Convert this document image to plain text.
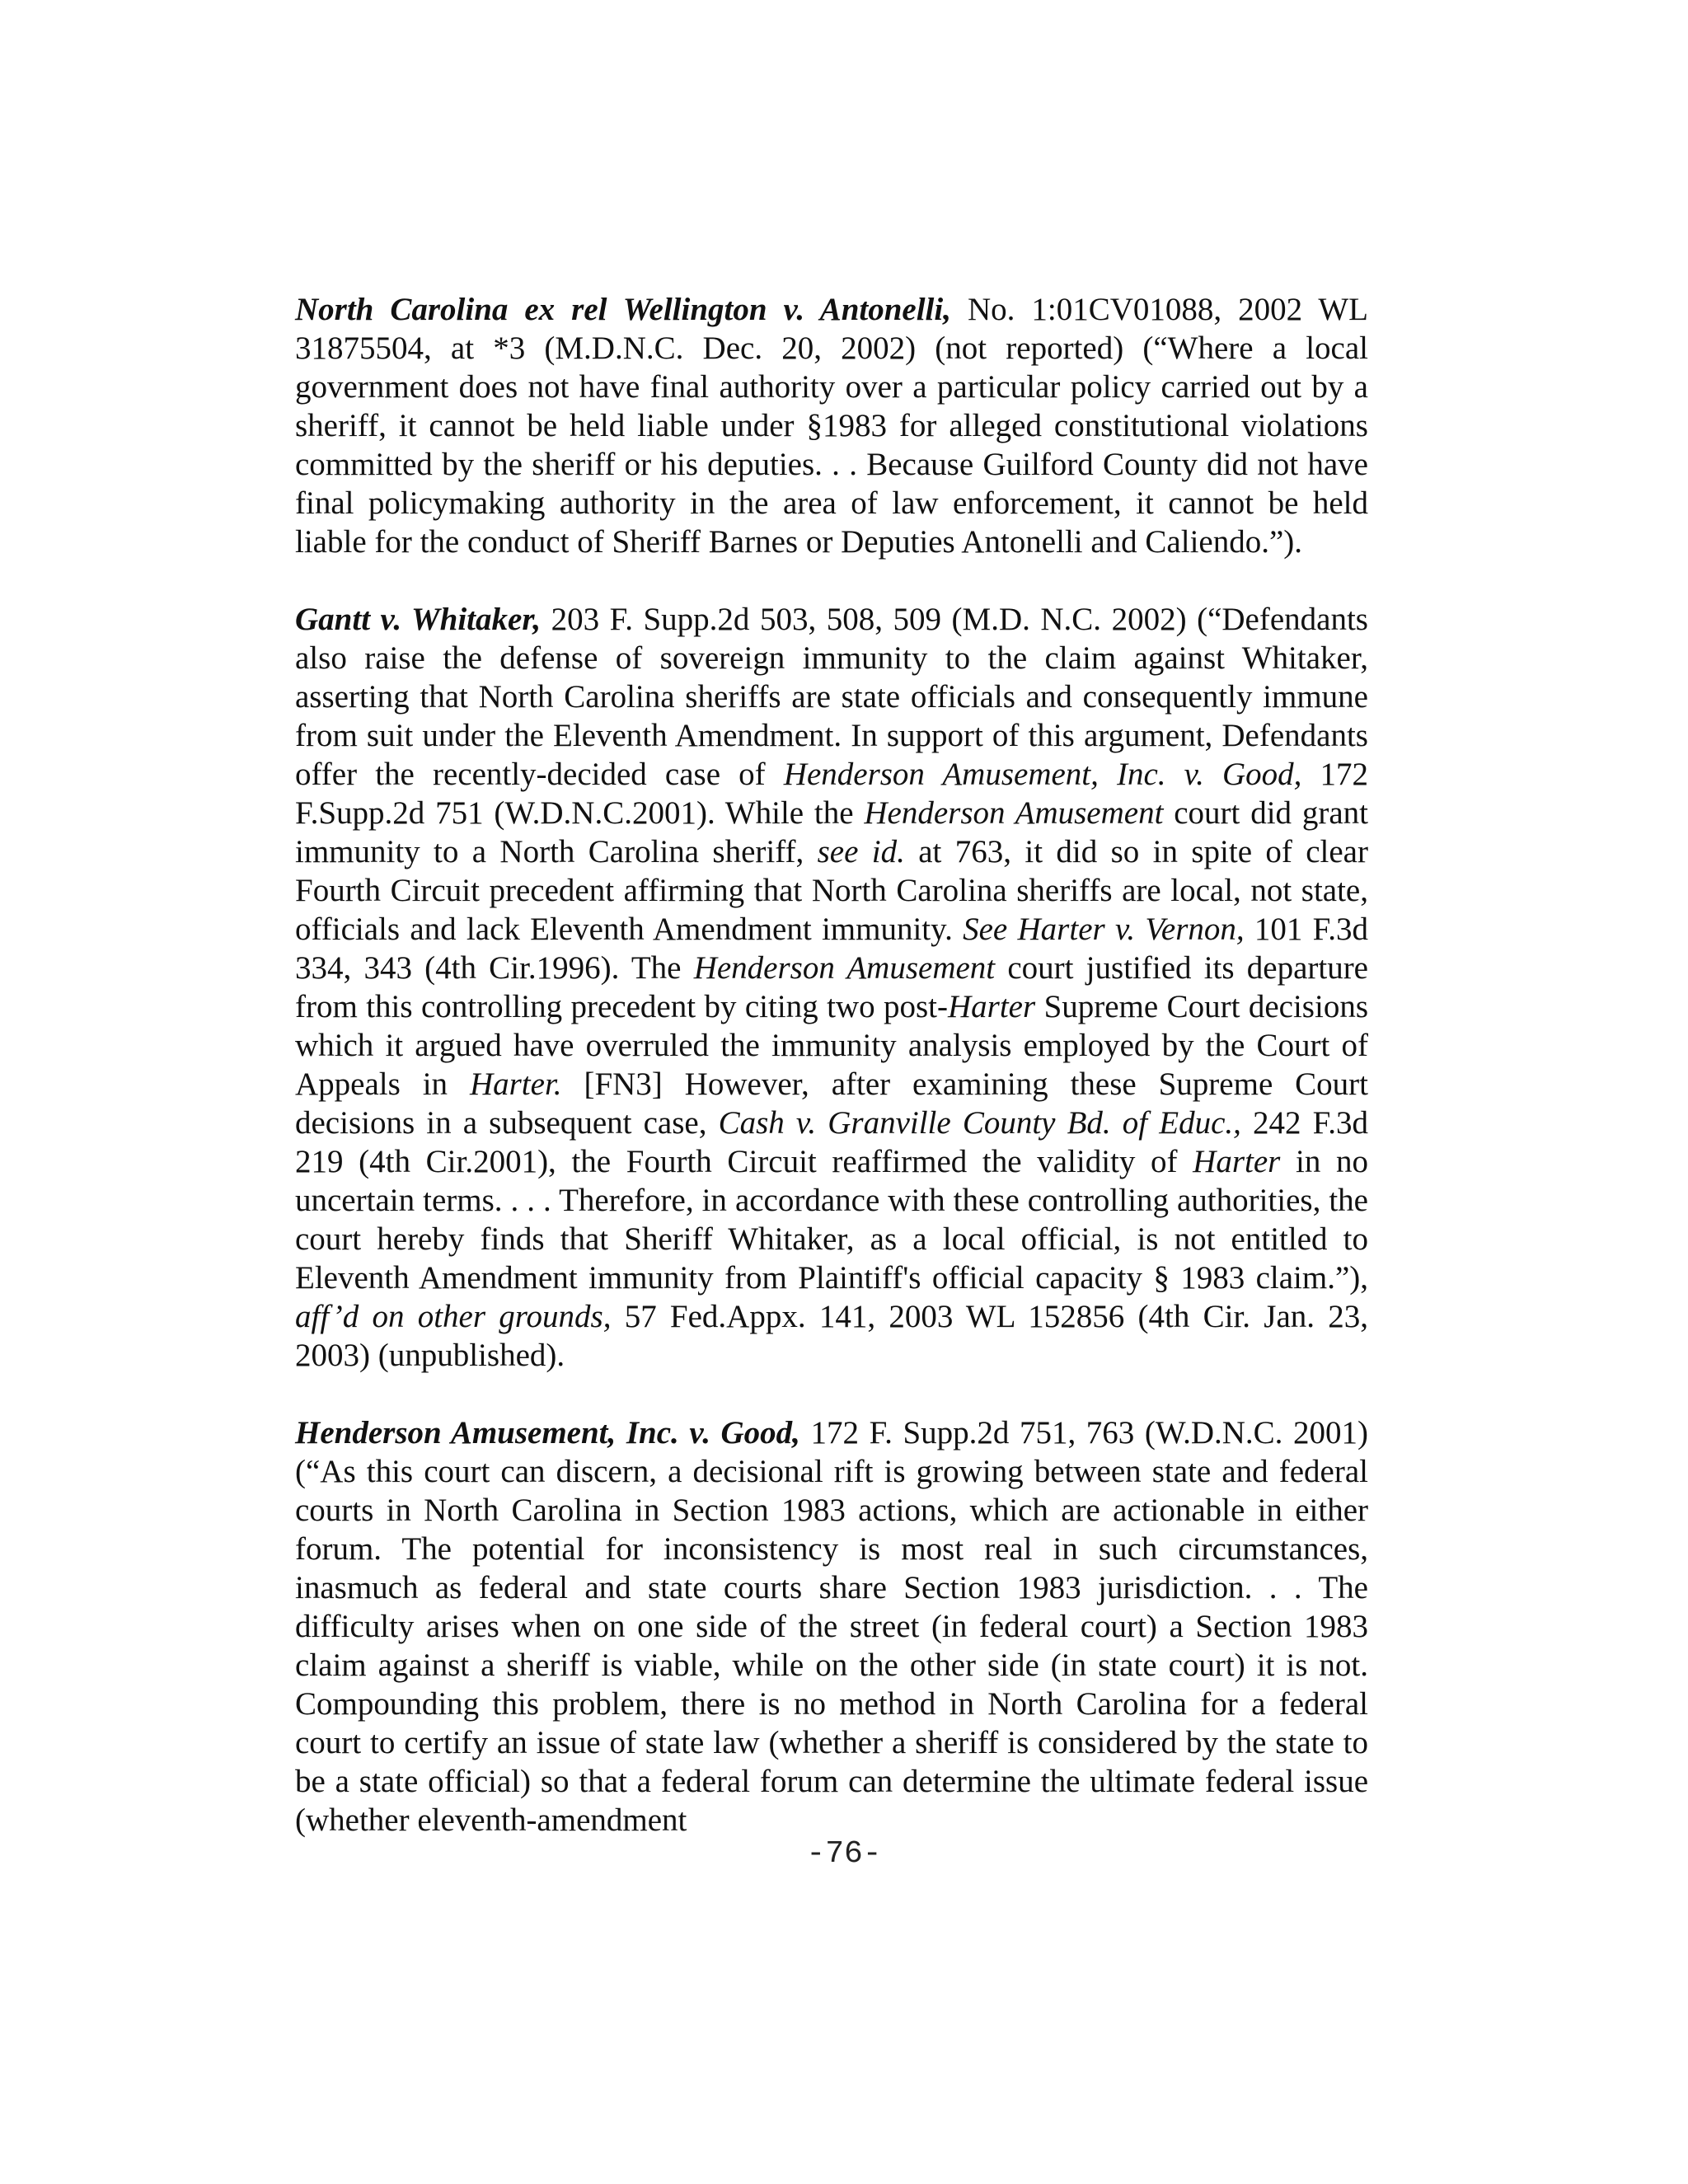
North Carolina ex rel Wellington v. Antonelli, No. 1:01CV01088, 2002 WL 31875504, at *3 (M.D.N.C. Dec. 20, 2002) (not reported) (“Where a local government does not have final authority over a particular policy carried out by a sheriff, it cannot be held liable under §1983 for alleged constitutional violations committed by the sheriff or his deputies. . . Because Guilford County did not have final policymaking authority in the area of law enforcement, it cannot be held liable for the conduct of Sheriff Barnes or Deputies Antonelli and Caliendo.”).

Gantt v. Whitaker, 203 F. Supp.2d 503, 508, 509 (M.D. N.C. 2002) (“Defendants also raise the defense of sovereign immunity to the claim against Whitaker, asserting that North Carolina sheriffs are state officials and consequently immune from suit under the Eleventh Amendment. In support of this argument, Defendants offer the recently-decided case of Henderson Amusement, Inc. v. Good, 172 F.Supp.2d 751 (W.D.N.C.2001). While the Henderson Amusement court did grant immunity to a North Carolina sheriff, see id. at 763, it did so in spite of clear Fourth Circuit precedent affirming that North Carolina sheriffs are local, not state, officials and lack Eleventh Amendment immunity. See Harter v. Vernon, 101 F.3d 334, 343 (4th Cir.1996). The Henderson Amusement court justified its departure from this controlling precedent by citing two post-Harter Supreme Court decisions which it argued have overruled the immunity analysis employed by the Court of Appeals in Harter. [FN3] However, after examining these Supreme Court decisions in a subsequent case, Cash v. Granville County Bd. of Educ., 242 F.3d 219 (4th Cir.2001), the Fourth Circuit reaffirmed the validity of Harter in no uncertain terms. . . . Therefore, in accordance with these controlling authorities, the court hereby finds that Sheriff Whitaker, as a local official, is not entitled to Eleventh Amendment immunity from Plaintiff's official capacity § 1983 claim.”), aff’d on other grounds, 57 Fed.Appx. 141, 2003 WL 152856 (4th Cir. Jan. 23, 2003) (unpublished).

Henderson Amusement, Inc. v. Good, 172 F. Supp.2d 751, 763 (W.D.N.C. 2001) (“As this court can discern, a decisional rift is growing between state and federal courts in North Carolina in Section 1983 actions, which are actionable in either forum. The potential for inconsistency is most real in such circumstances, inasmuch as federal and state courts share Section 1983 jurisdiction. . . The difficulty arises when on one side of the street (in federal court) a Section 1983 claim against a sheriff is viable, while on the other side (in state court) it is not. Compounding this problem, there is no method in North Carolina for a federal court to certify an issue of state law (whether a sheriff is considered by the state to be a state official) so that a federal forum can determine the ultimate federal issue (whether eleventh-amendment

-76-
